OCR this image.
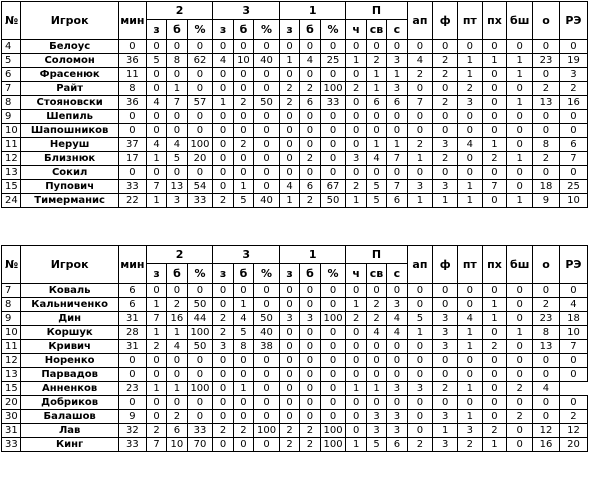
№	Игрок	мин	2			3			1			П			ап	ф	пт	пх	бш	о	РЭ
			з	б	%	з	б	%	з	б	%	ч	св	с							
4	Белоус	0	0	0	0	0	0	0	0	0	0	0	0	0	0	0	0	0	0	0	0
5	Соломон	36	5	8	62	4	10	40	1	4	25	1	2	3	4	2	1	1	1	23	19
6	Фрасенюк	11	0	0	0	0	0	0	0	0	0	0	1	1	2	2	1	0	1	0	3
7	Райт	8	0	1	0	0	0	0	2	2	100	2	1	3	0	0	2	0	0	2	2
8	Стояновски	36	4	7	57	1	2	50	2	6	33	0	6	6	7	2	3	0	1	13	16
9	Шепиль	0	0	0	0	0	0	0	0	0	0	0	0	0	0	0	0	0	0	0	0
10	Шапошников	0	0	0	0	0	0	0	0	0	0	0	0	0	0	0	0	0	0	0	0
11	Неруш	37	4	4	100	0	2	0	0	0	0	0	1	1	2	3	4	1	0	8	6
12	Близнюк	17	1	5	20	0	0	0	0	2	0	3	4	7	1	2	0	2	1	2	7
13	Сокил	0	0	0	0	0	0	0	0	0	0	0	0	0	0	0	0	0	0	0	0
15	Пупович	33	7	13	54	0	1	0	4	6	67	2	5	7	3	3	1	7	0	18	25
24	Тимерманис	22	1	3	33	2	5	40	1	2	50	1	5	6	1	1	1	0	1	9	10
№	Игрок	мин	2			3			1			П			ап	ф	пт	пх	бш	о	РЭ
			з	б	%	з	б	%	з	б	%	ч	св	с							
7	Коваль	6	0	0	0	0	0	0	0	0	0	0	0	0	0	0	0	0	0	0	0
8	Кальниченко	6	1	2	50	0	1	0	0	0	0	1	2	3	0	0	0	1	0	2	4
9	Дин	31	7	16	44	2	4	50	3	3	100	2	2	4	5	3	4	1	0	23	18
10	Коршук	28	1	1	100	2	5	40	0	0	0	0	4	4	1	3	1	0	1	8	10
11	Кривич	31	2	4	50	3	8	38	0	0	0	0	0	0	0	3	1	2	0	13	7
12	Норенко	0	0	0	0	0	0	0	0	0	0	0	0	0	0	0	0	0	0	0	0
13	Парвадов	0	0	0	0	0	0	0	0	0	0	0	0	0	0	0	0	0	0	0	0
15	Анненков	23	1	1	100	0	1	0	0	0	0	1	1	3	3	2	1	0	2	4	
20	Добриков	0	0	0	0	0	0	0	0	0	0	0	0	0	0	0	0	0	0	0	0
30	Балашов	9	0	2	0	0	0	0	0	0	0	0	3	3	0	3	1	0	2	0	2
31	Лав	32	2	6	33	2	2	100	2	2	100	0	3	3	0	1	3	2	0	12	12
33	Кинг	33	7	10	70	0	0	0	2	2	100	1	5	6	2	3	2	1	0	16	20
